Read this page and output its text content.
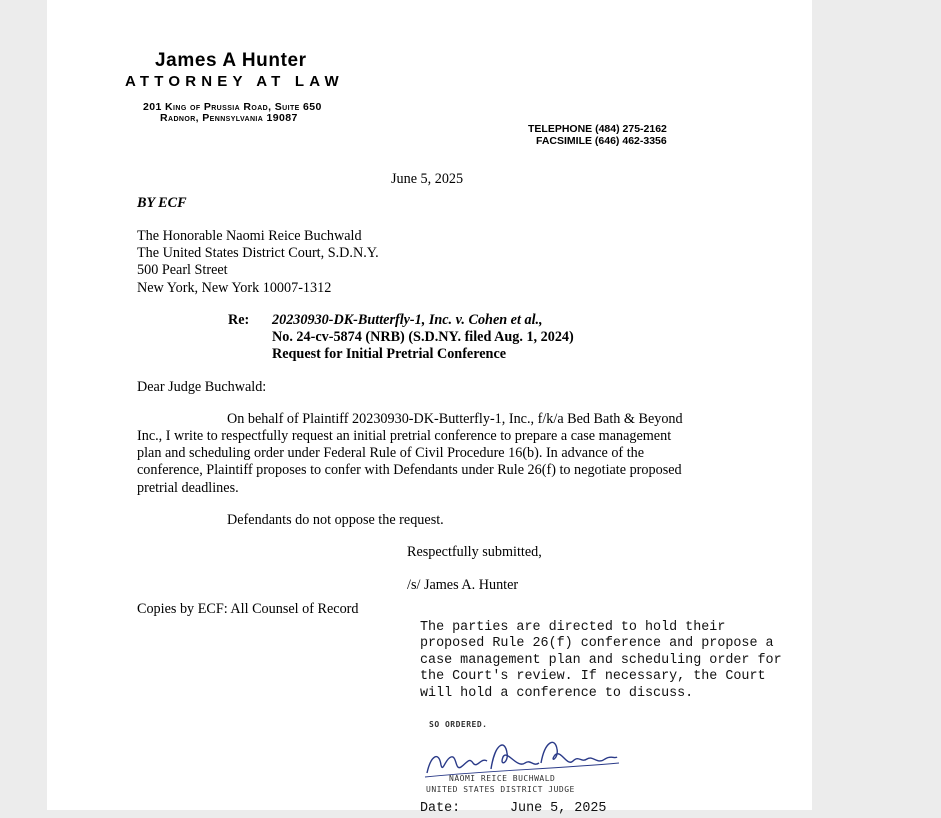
James A Hunter
ATTORNEY AT LAW
201 King of Prussia Road, Suite 650
Radnor, Pennsylvania 19087
TELEPHONE (484) 275-2162
FACSIMILE (646) 462-3356
June 5, 2025
BY ECF
The Honorable Naomi Reice Buchwald
The United States District Court, S.D.N.Y.
500 Pearl Street
New York, New York 10007-1312
Re: 20230930-DK-Butterfly-1, Inc. v. Cohen et al.,
No. 24-cv-5874 (NRB) (S.D.NY. filed Aug. 1, 2024)
Request for Initial Pretrial Conference
Dear Judge Buchwald:
On behalf of Plaintiff 20230930-DK-Butterfly-1, Inc., f/k/a Bed Bath & Beyond
Inc., I write to respectfully request an initial pretrial conference to prepare a case management
plan and scheduling order under Federal Rule of Civil Procedure 16(b). In advance of the
conference, Plaintiff proposes to confer with Defendants under Rule 26(f) to negotiate proposed
pretrial deadlines.
Defendants do not oppose the request.
Respectfully submitted,
/s/ James A. Hunter
Copies by ECF: All Counsel of Record
The parties are directed to hold their
proposed Rule 26(f) conference and propose a
case management plan and scheduling order for
the Court's review. If necessary, the Court
will hold a conference to discuss.
SO ORDERED.
Naomi Reice Buchwald
NAOMI REICE BUCHWALD
UNITED STATES DISTRICT JUDGE
Date:	June 5, 2025
